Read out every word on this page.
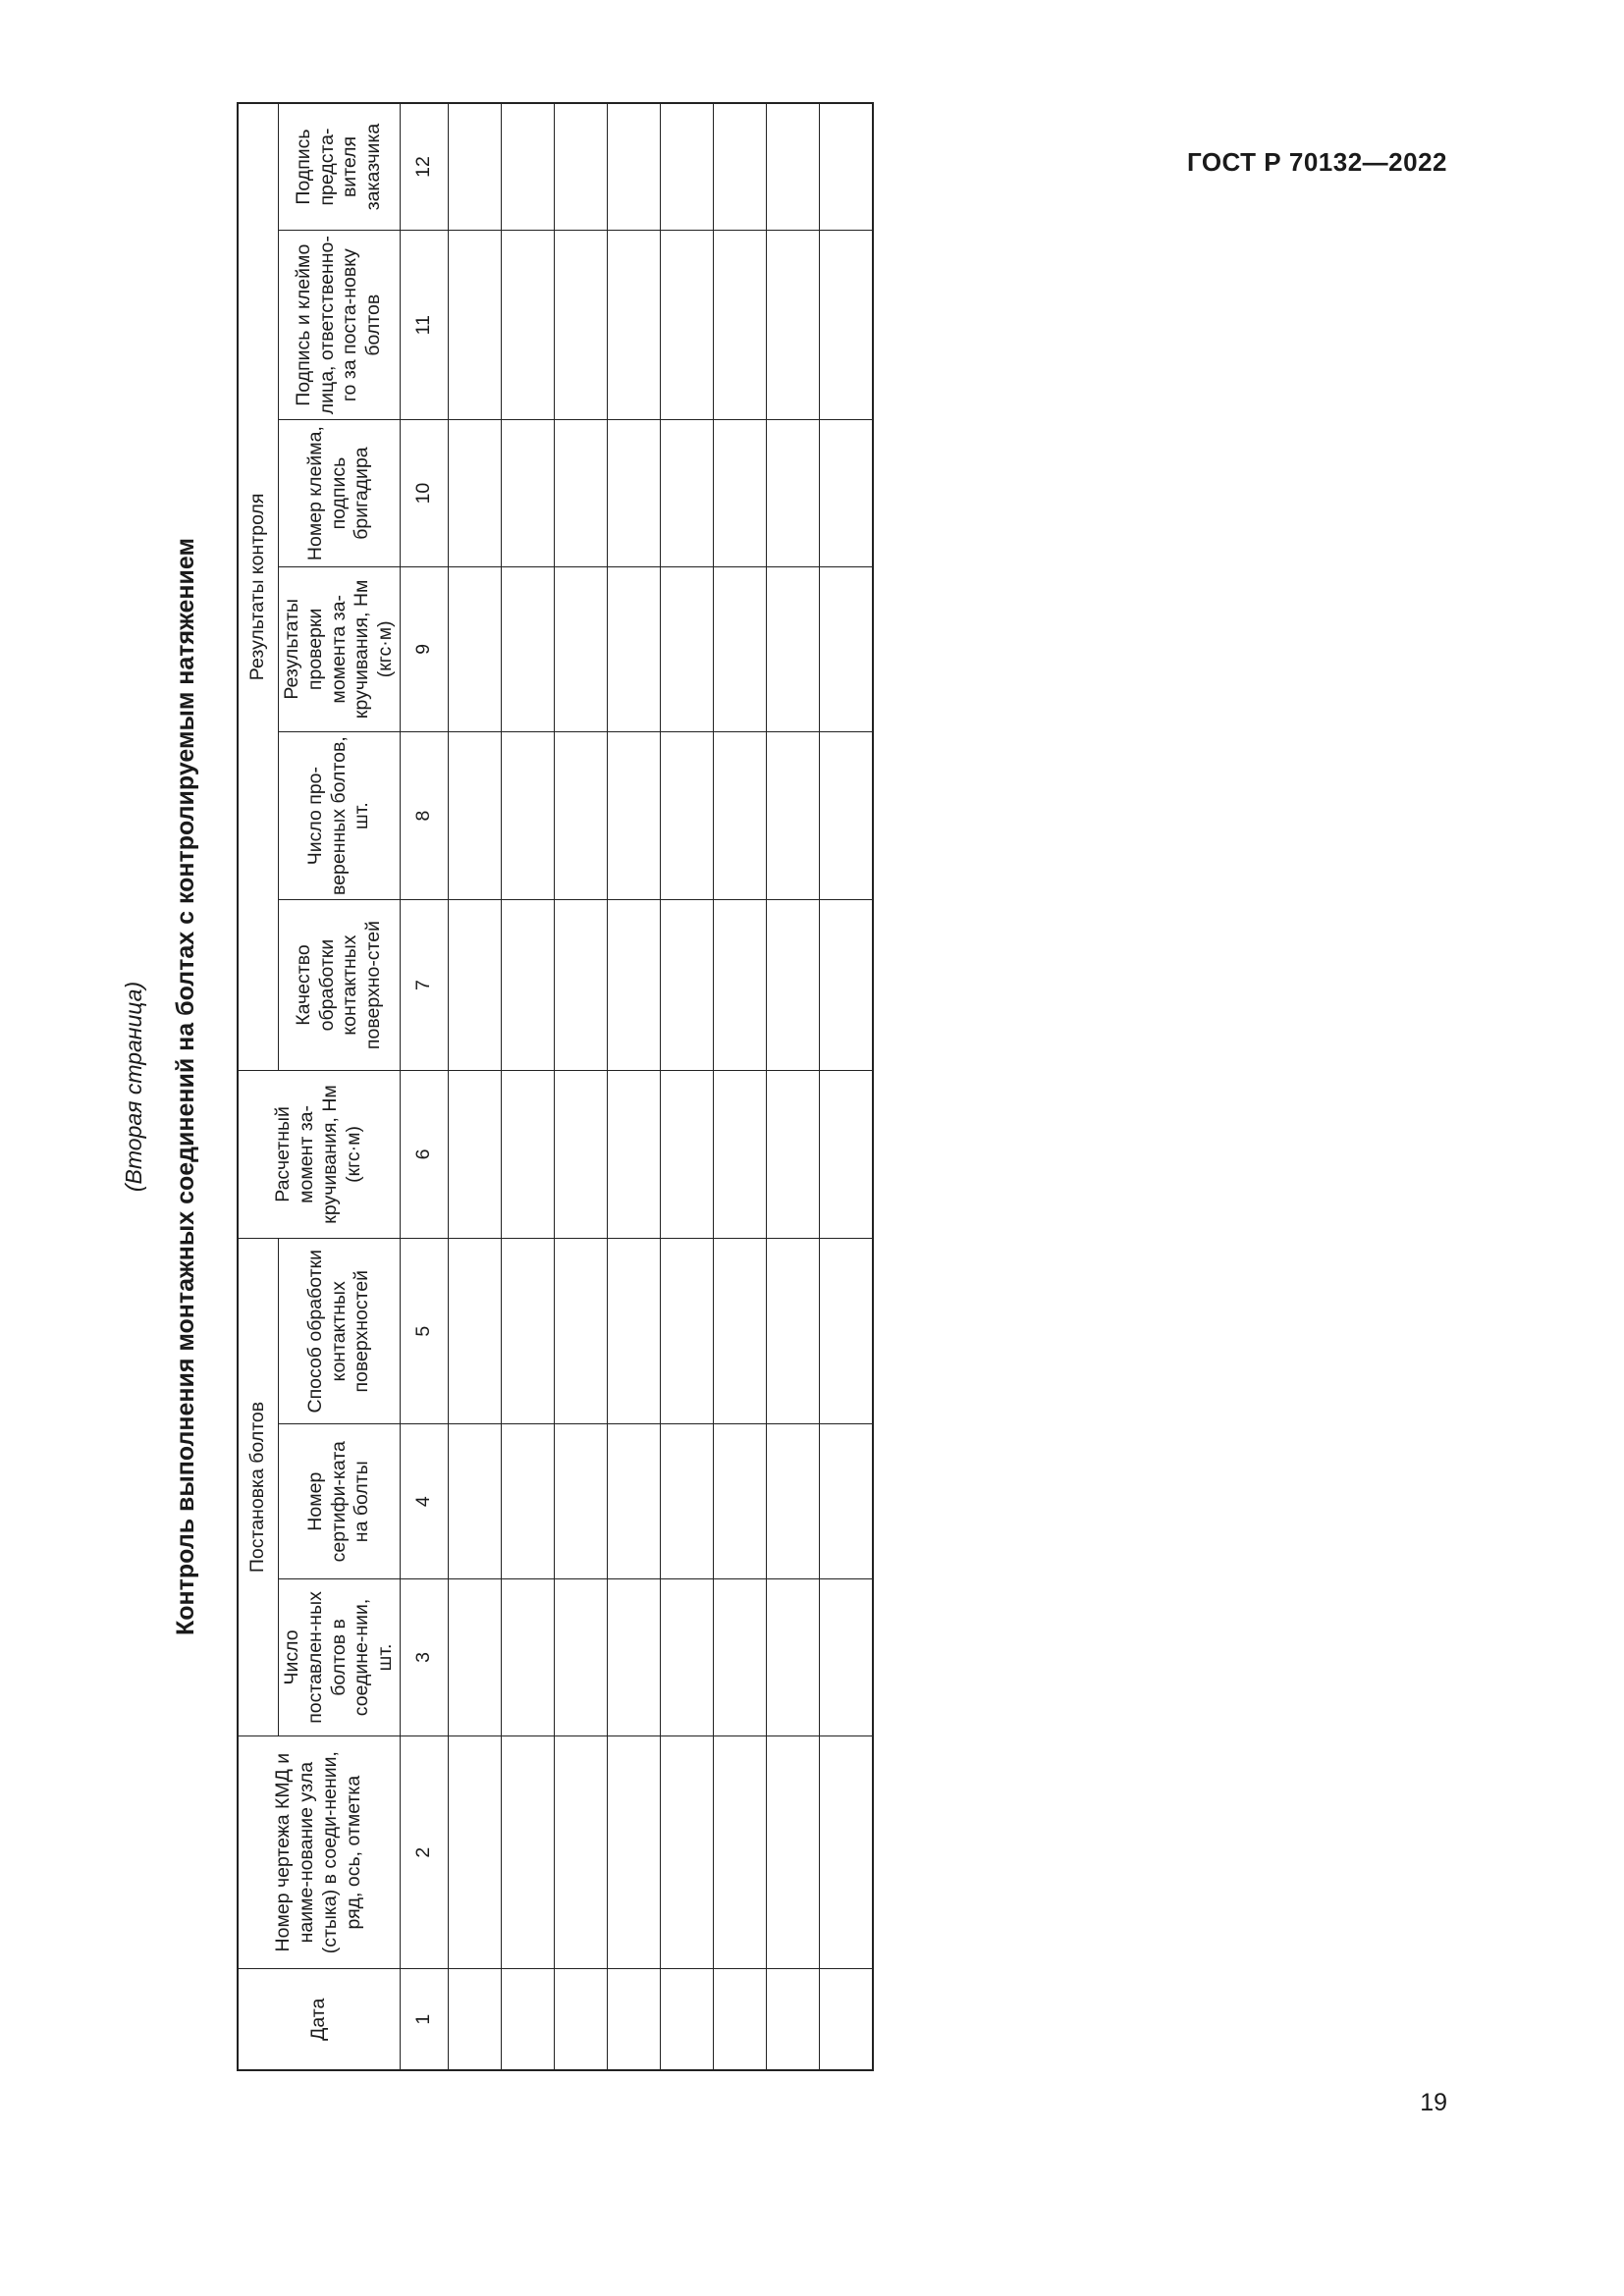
ГОСТ Р 70132—2022
19
(Вторая страница) Контроль выполнения монтажных соединений на болтах с контролируемым натяжением
Дата	Номер чертежа КМД и наиме-нование узла (стыка) в соеди-нении, ряд, ось, отметка	Постановка болтов			Расчетный момент за-кручивания, Нм (кгс·м)	Результаты контроля					
		Число поставлен-ных болтов в соедине-нии, шт.	Номер сертифи-ката на болты	Способ обработки контактных поверхностей		Качество обработки контактных поверхно-стей	Число про-веренных болтов, шт.	Результаты проверки момента за-кручивания, Нм (кгс·м)	Номер клейма, подпись бригадира	Подпись и клеймо лица, ответственно-го за поста-новку болтов	Подпись предста-вителя заказчика
1	2	3	4	5	6	7	8	9	10	11	12
